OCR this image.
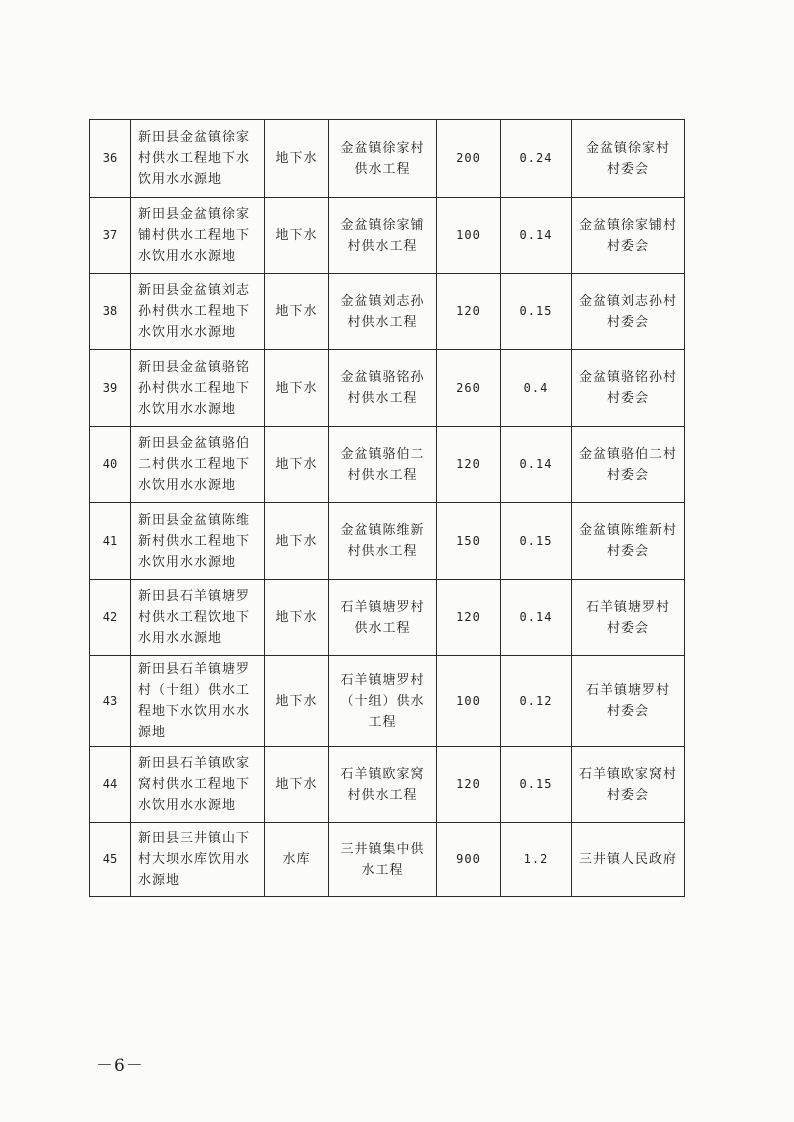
36	新田县金盆镇徐家
村供水工程地下水
饮用水水源地	地下水	金盆镇徐家村
供水工程	200	0.24	金盆镇徐家村
村委会

37	新田县金盆镇徐家
铺村供水工程地下
水饮用水水源地	地下水	金盆镇徐家铺
村供水工程	100	0.14	金盆镇徐家铺村
村委会

38	新田县金盆镇刘志
孙村供水工程地下
水饮用水水源地	地下水	金盆镇刘志孙
村供水工程	120	0.15	金盆镇刘志孙村
村委会

39	新田县金盆镇骆铭
孙村供水工程地下
水饮用水水源地	地下水	金盆镇骆铭孙
村供水工程	260	0.4	金盆镇骆铭孙村
村委会

40	新田县金盆镇骆伯
二村供水工程地下
水饮用水水源地	地下水	金盆镇骆伯二
村供水工程	120	0.14	金盆镇骆伯二村
村委会

41	新田县金盆镇陈维
新村供水工程地下
水饮用水水源地	地下水	金盆镇陈维新
村供水工程	150	0.15	金盆镇陈维新村
村委会

42	新田县石羊镇塘罗
村供水工程饮地下
水用水水源地	地下水	石羊镇塘罗村
供水工程	120	0.14	石羊镇塘罗村
村委会

43	新田县石羊镇塘罗
村（十组）供水工
程地下水饮用水水
源地	地下水	石羊镇塘罗村
（十组）供水
工程	100	0.12	石羊镇塘罗村
村委会

44	新田县石羊镇欧家
窝村供水工程地下
水饮用水水源地	地下水	石羊镇欧家窝
村供水工程	120	0.15	石羊镇欧家窝村
村委会

45	新田县三井镇山下
村大坝水库饮用水
水源地	水库	三井镇集中供
水工程	900	1.2	三井镇人民政府
－6－
